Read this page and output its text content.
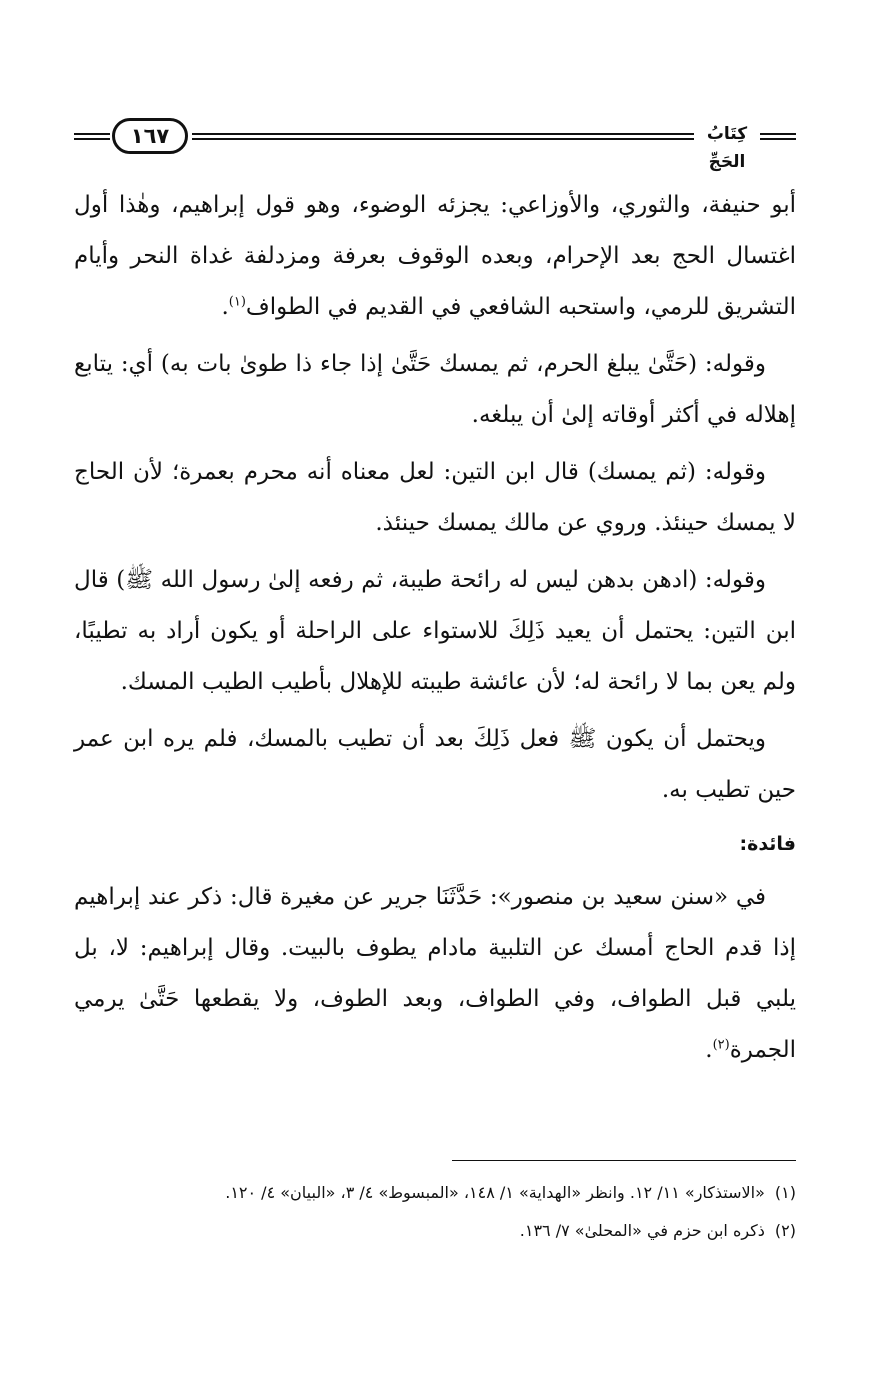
١٦٧	كِتَابُ الحَجِّ

أبو حنيفة، والثوري، والأوزاعي: يجزئه الوضوء، وهو قول إبراهيم، وهٰذا أول اغتسال الحج بعد الإحرام، وبعده الوقوف بعرفة ومزدلفة غداة النحر وأيام التشريق للرمي، واستحبه الشافعي في القديم في الطواف$^{(١)}$.

وقوله: (حَتَّىٰ يبلغ الحرم، ثم يمسك حَتَّىٰ إذا جاء ذا طوىٰ بات به) أي: يتابع إهلاله في أكثر أوقاته إلىٰ أن يبلغه.

وقوله: (ثم يمسك) قال ابن التين: لعل معناه أنه محرم بعمرة؛ لأن الحاج لا يمسك حينئذ. وروي عن مالك يمسك حينئذ.

وقوله: (ادهن بدهن ليس له رائحة طيبة، ثم رفعه إلىٰ رسول الله ﷺ) قال ابن التين: يحتمل أن يعيد ذَلِكَ للاستواء على الراحلة أو يكون أراد به تطيبًا، ولم يعن بما لا رائحة له؛ لأن عائشة طيبته للإهلال بأطيب الطيب المسك.

ويحتمل أن يكون ﷺ فعل ذَلِكَ بعد أن تطيب بالمسك، فلم يره ابن عمر حين تطيب به.

فائدة:

في «سنن سعيد بن منصور»: حَدَّثَنَا جرير عن مغيرة قال: ذكر عند إبراهيم إذا قدم الحاج أمسك عن التلبية مادام يطوف بالبيت. وقال إبراهيم: لا، بل يلبي قبل الطواف، وفي الطواف، وبعد الطوف، ولا يقطعها حَتَّىٰ يرمي الجمرة$^{(٢)}$.

(١)«الاستذكار» ١١/ ١٢. وانظر «الهداية» ١/ ١٤٨، «المبسوط» ٤/ ٣، «البيان» ٤/ ١٢٠.

(٢)ذكره ابن حزم في «المحلىٰ» ٧/ ١٣٦.
